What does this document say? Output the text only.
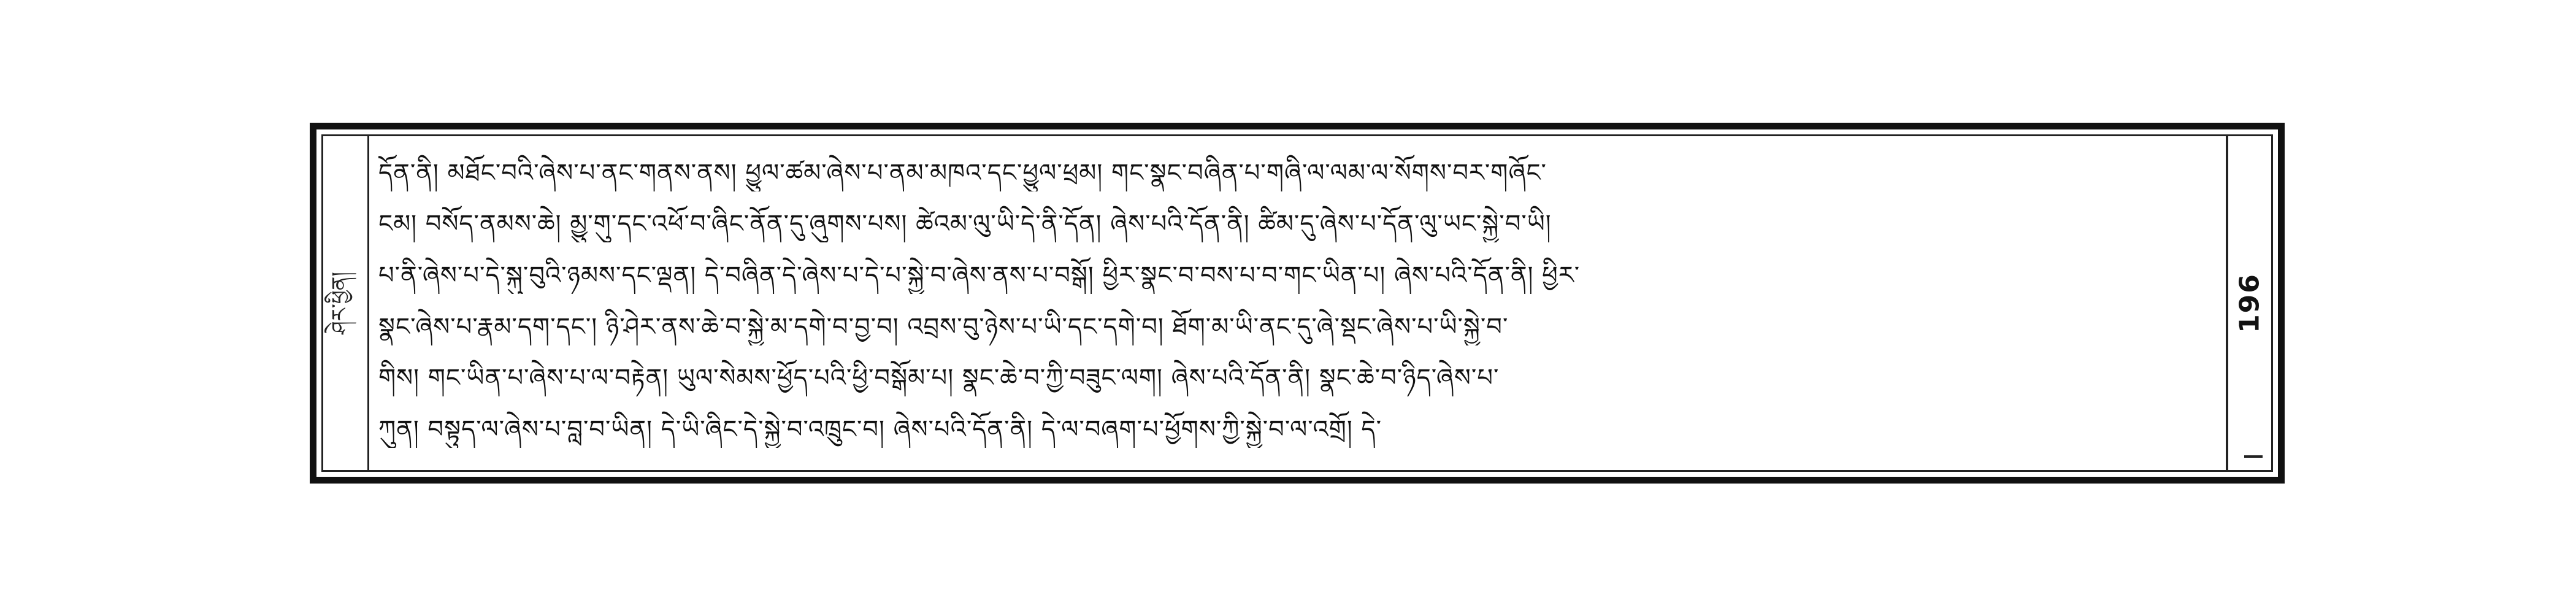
ཤེར་ཕྱིན།
དོན་ནི། མཐོང་བའི་ཞེས་པ་ནང་གནས་ནས། ཕྱུལ་ཚམ་ཞེས་པ་ནམ་མཁའ་དང་ཕྱུལ་ཕྲམ། གང་སྣང་བཞིན་པ་གཞི་ལ་ལམ་ལ་སོགས་བར་གཞོང་
ངམ། བསོད་ནམས་ཆེ། མྱུ་གུ་དང་འཕོ་བ་ཞིང་ནོན་དུ་ཞུགས་པས། ཚེའམ་ལུ་ཡི་དེ་ནི་དོན། ཞེས་པའི་དོན་ནི། ཚིམ་དུ་ཞེས་པ་དོན་ལུ་ཡང་སྐྱེ་བ་ཡི།
པ་ནི་ཞེས་པ་དེ་སྐུ་བུའི་ཉམས་དང་ལྡན། དེ་བཞིན་དེ་ཞེས་པ་དེ་པ་སྐྱེ་བ་ཞེས་ནས་པ་བསྒོ། ཕྱིར་སྣང་བ་བས་པ་བ་གང་ཡིན་པ། ཞེས་པའི་དོན་ནི། ཕྱིར་
སྣང་ཞེས་པ་རྣམ་དག་དང་། ཉི་ཤེར་ནས་ཆེ་བ་སྐྱེ་མ་དགེ་བ་བྱ་བ། འབྲས་བུ་ཉེས་པ་ཡི་དང་དགེ་བ། ཐོག་མ་ཡི་ནང་དུ་ཞེ་སྡང་ཞེས་པ་ཡི་སྐྱེ་བ་
གིས། གང་ཡིན་པ་ཞེས་པ་ལ་བརྟེན། ཡུལ་སེམས་ཕྱོད་པའི་ཕྱི་བསྒོམ་པ། སྣང་ཆེ་བ་ཀྱི་བཟུང་ལག། ཞེས་པའི་དོན་ནི། སྣང་ཆེ་བ་ཉིད་ཞེས་པ་
ཀུན། བསྟུད་ལ་ཞེས་པ་བླ་བ་ཡིན། དེ་ཡི་ཞིང་དེ་སྐྱེ་བ་འཁྲུང་བ། ཞེས་པའི་དོན་ནི། དེ་ལ་བཞག་པ་ཕྱོགས་ཀྱི་སྐྱེ་བ་ལ་འགྲོ། དེ་
196
